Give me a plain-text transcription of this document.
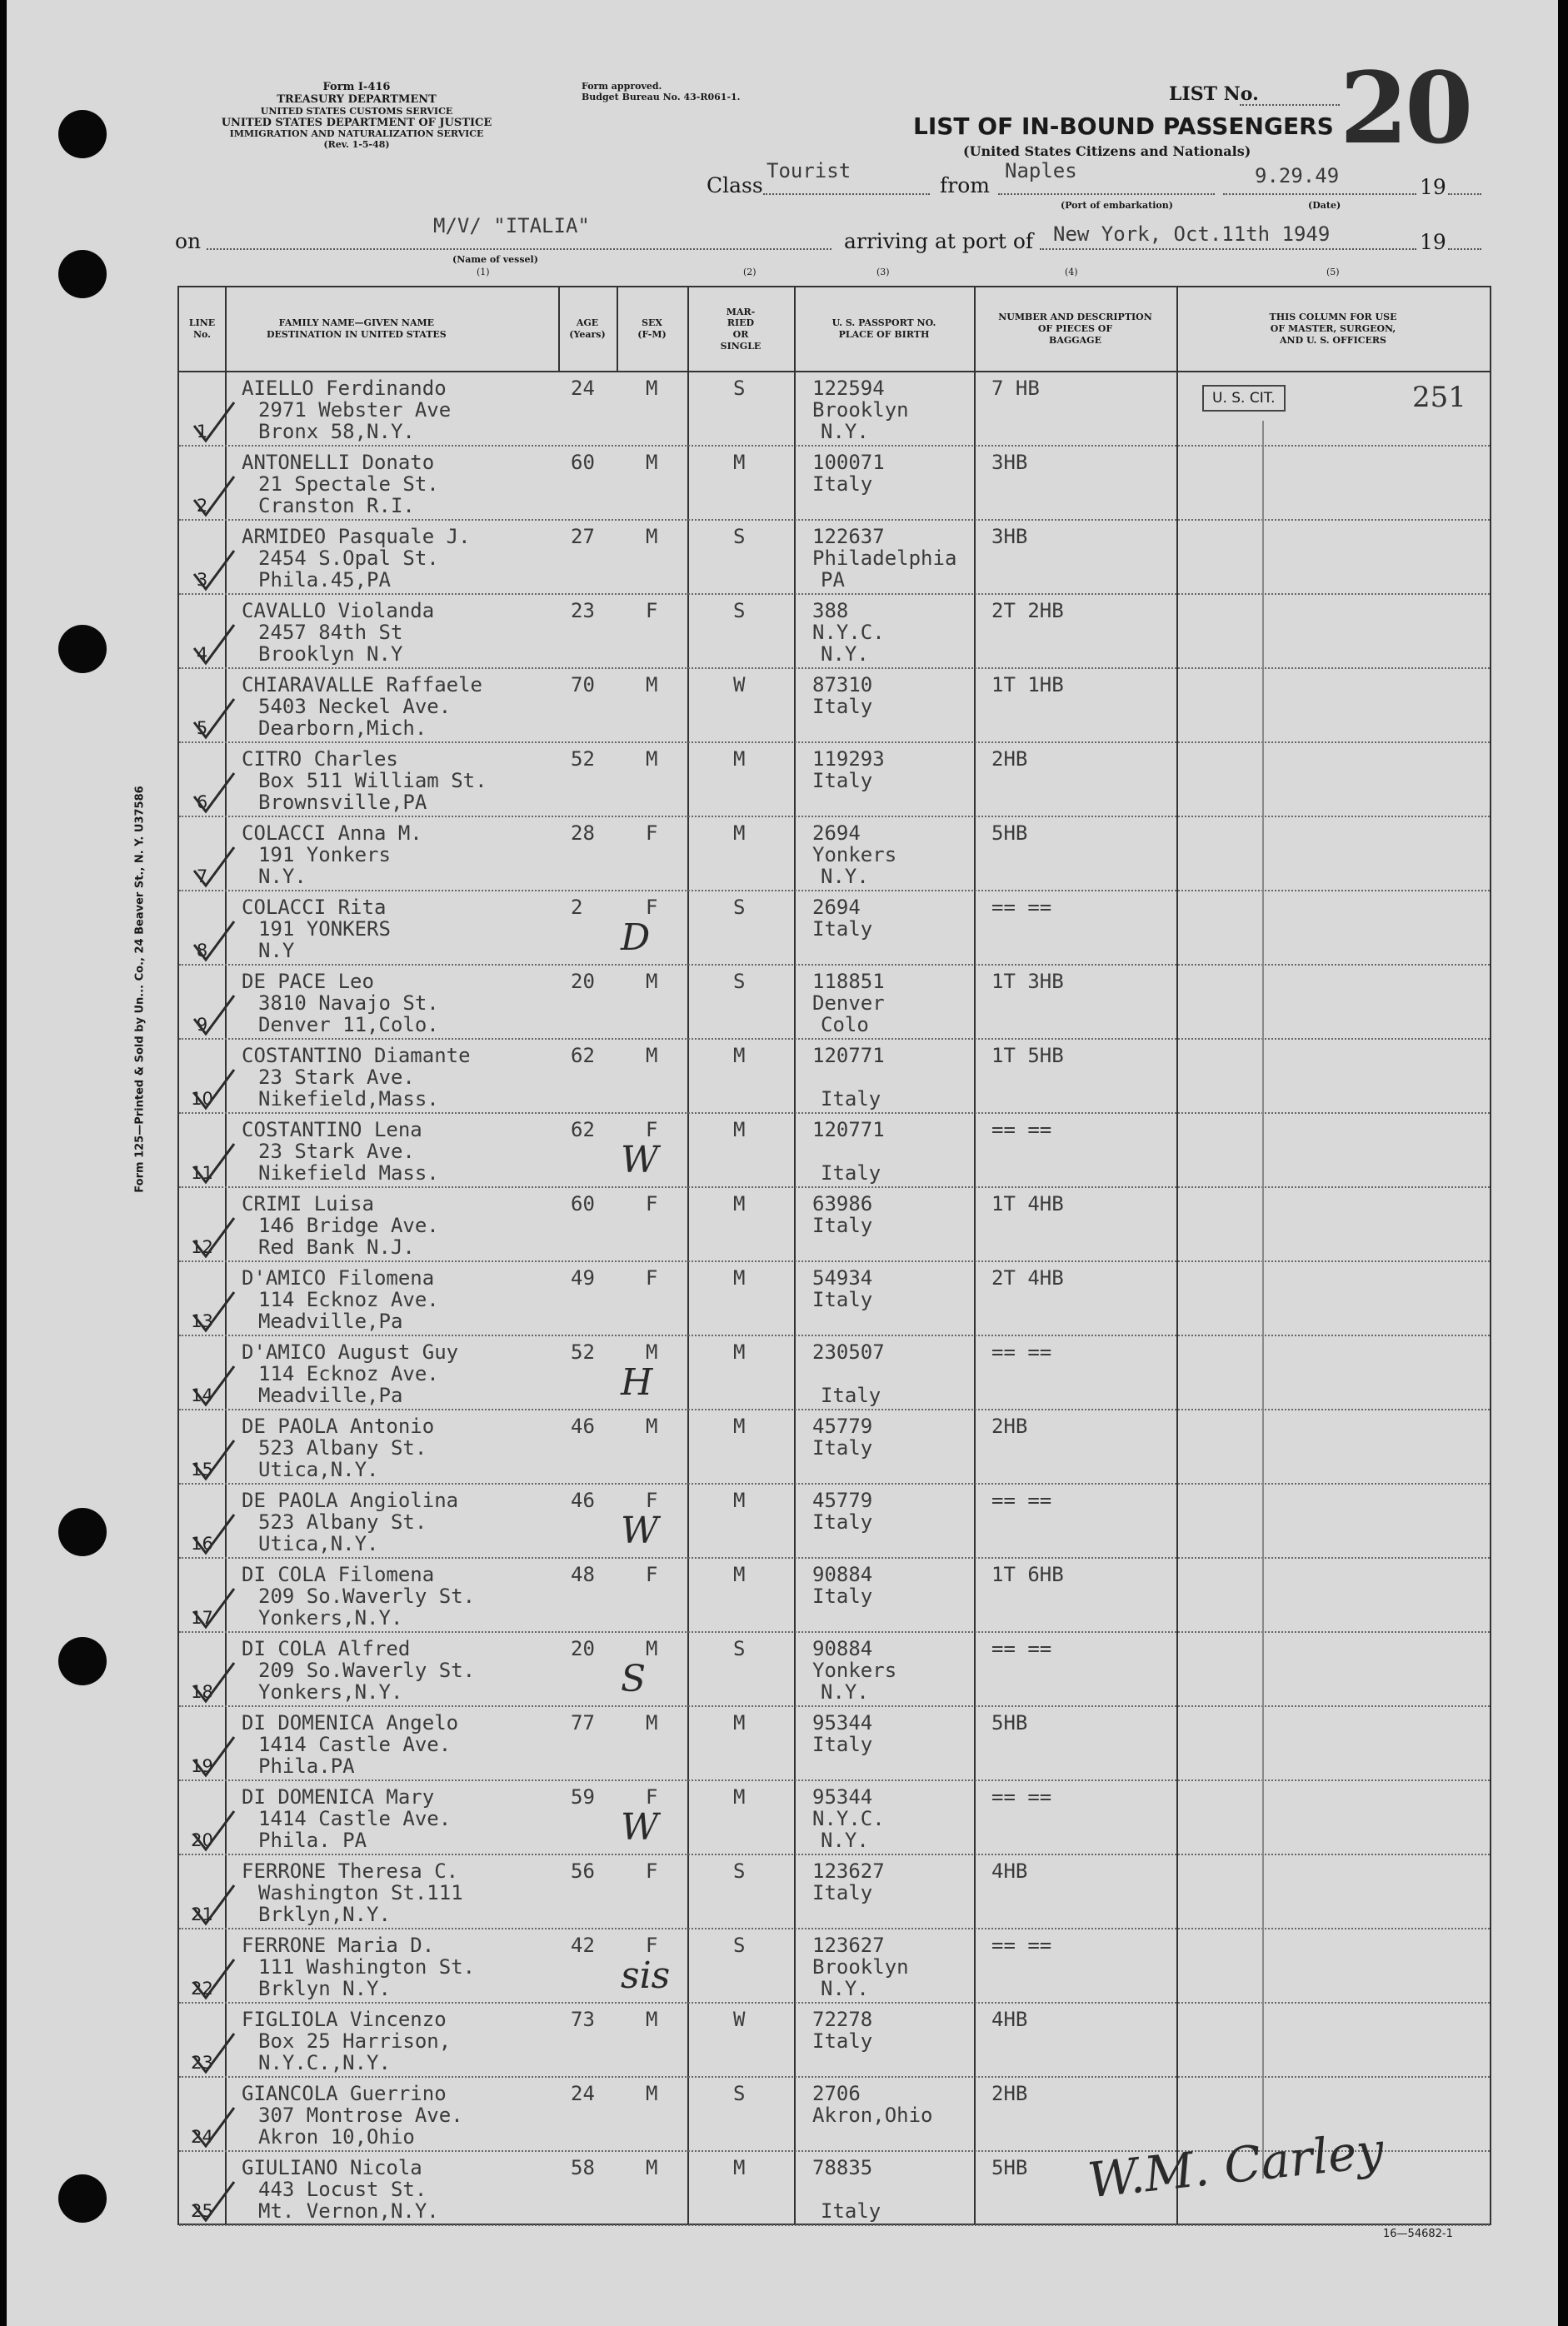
Form 125—Printed & Sold by Un... Co., 24 Beaver St., N. Y. U37586
Form I-416
TREASURY DEPARTMENT
UNITED STATES CUSTOMS SERVICE
UNITED STATES DEPARTMENT OF JUSTICE
IMMIGRATION AND NATURALIZATION SERVICE
(Rev. 1-5-48)
Form approved.
Budget Bureau No. 43-R061-1.	LIST No. 20
LIST OF IN-BOUND PASSENGERS
(United States Citizens and Nationals)
Class
Tourist
from
Naples
(Port of embarkation)
9.29.49
(Date)
19
on
M/V/ "ITALIA"
(Name of vessel)
arriving at port of New York, Oct.11th 1949	19
(1)	(2)	(3)	(4)	(5)
LINE No.
FAMILY NAME—GIVEN NAME
DESTINATION IN UNITED STATES
AGE
(Years)
SEX
(F-M)
MAR-
RIED
OR
SINGLE
U. S. PASSPORT NO.
PLACE OF BIRTH
NUMBER AND DESCRIPTION
OF PIECES OF
BAGGAGE
THIS COLUMN FOR USE
OF MASTER, SURGEON,
AND U. S. OFFICERS
1
AIELLO Ferdinando
2971 Webster Ave
Bronx 58,N.Y.
24	M	S	122594
Brooklyn
N.Y.
7 HB
2
ANTONELLI Donato
21 Spectale St.
Cranston R.I.
60	M	M	100071
Italy
3HB
3
ARMIDEO Pasquale J.
2454 S.Opal St.
Phila.45,PA
27	M	S	122637
Philadelphia
PA
3HB
4
CAVALLO Violanda
2457 84th St
Brooklyn N.Y
23	F	S	388
N.Y.C.
N.Y.
2T 2HB
5
CHIARAVALLE Raffaele
5403 Neckel Ave.
Dearborn,Mich.
70	M	W	87310
Italy
1T 1HB
6
CITRO Charles
Box 511 William St.
Brownsville,PA
52	M	M	119293
Italy
2HB
7
COLACCI Anna M.
191 Yonkers
N.Y.
28	F	M	2694
Yonkers
N.Y.
5HB
8
COLACCI Rita
191 YONKERS
N.Y
2	F	S	2694
Italy
== ==
D
9
DE PACE Leo
3810 Navajo St.
Denver 11,Colo.
20	M	S	118851
Denver
Colo
1T 3HB
10
COSTANTINO Diamante
23 Stark Ave.
Nikefield,Mass.
62	M	M	120771
Italy
1T 5HB
11
COSTANTINO Lena
23 Stark Ave.
Nikefield Mass.
62	F	M	120771
Italy
== ==
W
12
CRIMI Luisa
146 Bridge Ave.
Red Bank N.J.
60	F	M	63986
Italy
1T 4HB
13
D'AMICO Filomena
114 Ecknoz Ave.
Meadville,Pa
49	F	M	54934
Italy
2T 4HB
14
D'AMICO August Guy
114 Ecknoz Ave.
Meadville,Pa
52	M	M	230507
Italy
== ==
H
15
DE PAOLA Antonio
523 Albany St.
Utica,N.Y.
46	M	M	45779
Italy
2HB
16
DE PAOLA Angiolina
523 Albany St.
Utica,N.Y.
46	F	M	45779
Italy
== ==
W
17
DI COLA Filomena
209 So.Waverly St.
Yonkers,N.Y.
48	F	M	90884
Italy
1T 6HB
18
DI COLA Alfred
209 So.Waverly St.
Yonkers,N.Y.
20	M	S	90884
Yonkers
N.Y.
== ==
S
19
DI DOMENICA Angelo
1414 Castle Ave.
Phila.PA
77	M	M	95344
Italy
5HB
20
DI DOMENICA Mary
1414 Castle Ave.
Phila. PA
59	F	M	95344
N.Y.C.
N.Y.
== ==
W
21
FERRONE Theresa C.
Washington St.111
Brklyn,N.Y.
56	F	S	123627
Italy
4HB
22
FERRONE Maria D.
111 Washington St.
Brklyn N.Y.
42	F	S	123627
Brooklyn
N.Y.
== ==
sis
23
FIGLIOLA Vincenzo
Box 25 Harrison,
N.Y.C.,N.Y.
73	M	W	72278
Italy
4HB
24
GIANCOLA Guerrino
307 Montrose Ave.
Akron 10,Ohio
24	M	S	2706
Akron,Ohio
2HB
25
GIULIANO Nicola
443 Locust St.
Mt. Vernon,N.Y.
58	M	M	78835
Italy
5HB
U. S. CIT.	251
W.M. Carley
16—54682-1
